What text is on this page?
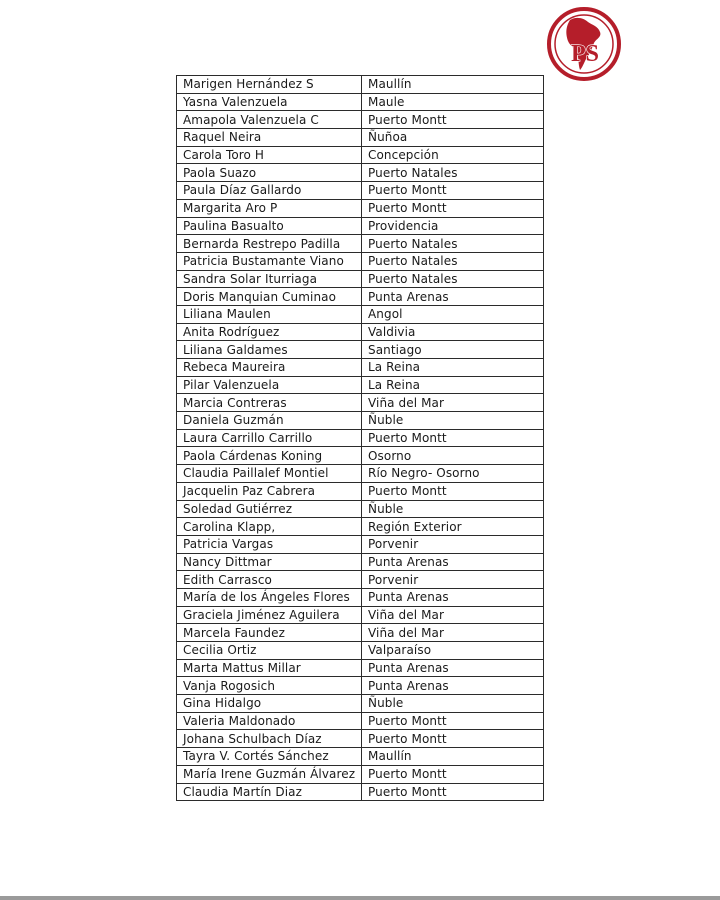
PS
Marigen Hernández S	Maullín
Yasna Valenzuela	Maule
Amapola Valenzuela C	Puerto Montt
Raquel Neira	Ñuñoa
Carola Toro H	Concepción
Paola Suazo	Puerto Natales
Paula Díaz Gallardo	Puerto Montt
Margarita Aro P	Puerto Montt
Paulina Basualto	Providencia
Bernarda Restrepo Padilla	Puerto Natales
Patricia Bustamante Viano	Puerto Natales
Sandra Solar Iturriaga	Puerto Natales
Doris Manquian Cuminao	Punta Arenas
Liliana Maulen	Angol
Anita Rodríguez	Valdivia
Liliana Galdames	Santiago
Rebeca Maureira	La Reina
Pilar Valenzuela	La Reina
Marcia Contreras	Viña del Mar
Daniela Guzmán	Ñuble
Laura Carrillo Carrillo	Puerto Montt
Paola Cárdenas Koning	Osorno
Claudia Paillalef Montiel	Río Negro- Osorno
Jacquelin Paz Cabrera	Puerto Montt
Soledad Gutiérrez	Ñuble
Carolina Klapp,	Región Exterior
Patricia Vargas	Porvenir
Nancy Dittmar	Punta Arenas
Edith Carrasco	Porvenir
María de los Ángeles Flores	Punta Arenas
Graciela Jiménez Aguilera	Viña del Mar
Marcela Faundez	Viña del Mar
Cecilia Ortiz	Valparaíso
Marta Mattus Millar	Punta Arenas
Vanja Rogosich	Punta Arenas
Gina Hidalgo	Ñuble
Valeria Maldonado	Puerto Montt
Johana Schulbach Díaz	Puerto Montt
Tayra V. Cortés Sánchez	Maullín
María Irene Guzmán Álvarez	Puerto Montt
Claudia Martín Diaz	Puerto Montt
